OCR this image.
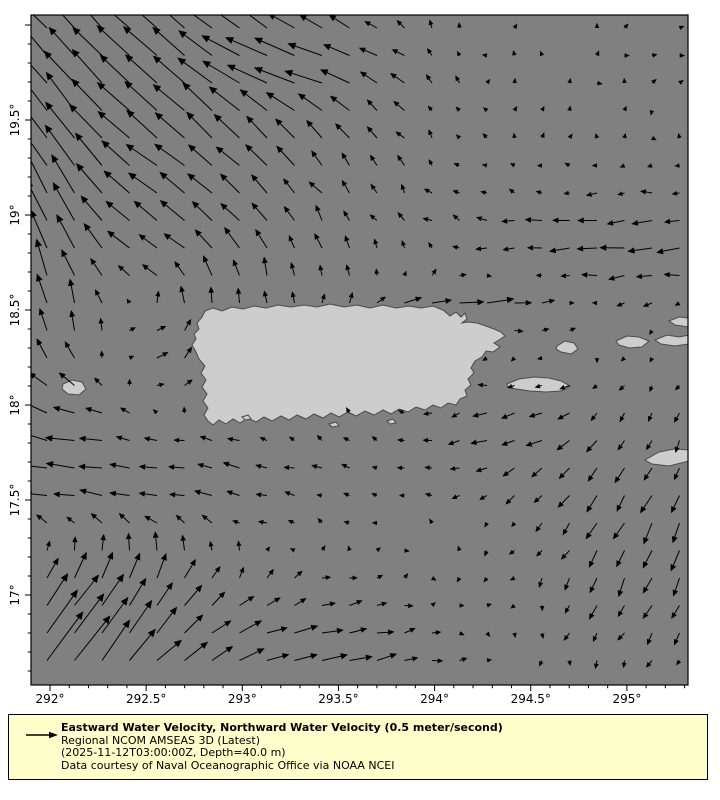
292°	292.5°	293°	293.5°	294°	294.5°	295°
17°
17.5°
18°
18.5°
19°
19.5°
Eastward Water Velocity, Northward Water Velocity (0.5 meter/second)
Regional NCOM AMSEAS 3D (Latest)
(2025-11-12T03:00:00Z, Depth=40.0 m)
Data courtesy of Naval Oceanographic Office via NOAA NCEI
